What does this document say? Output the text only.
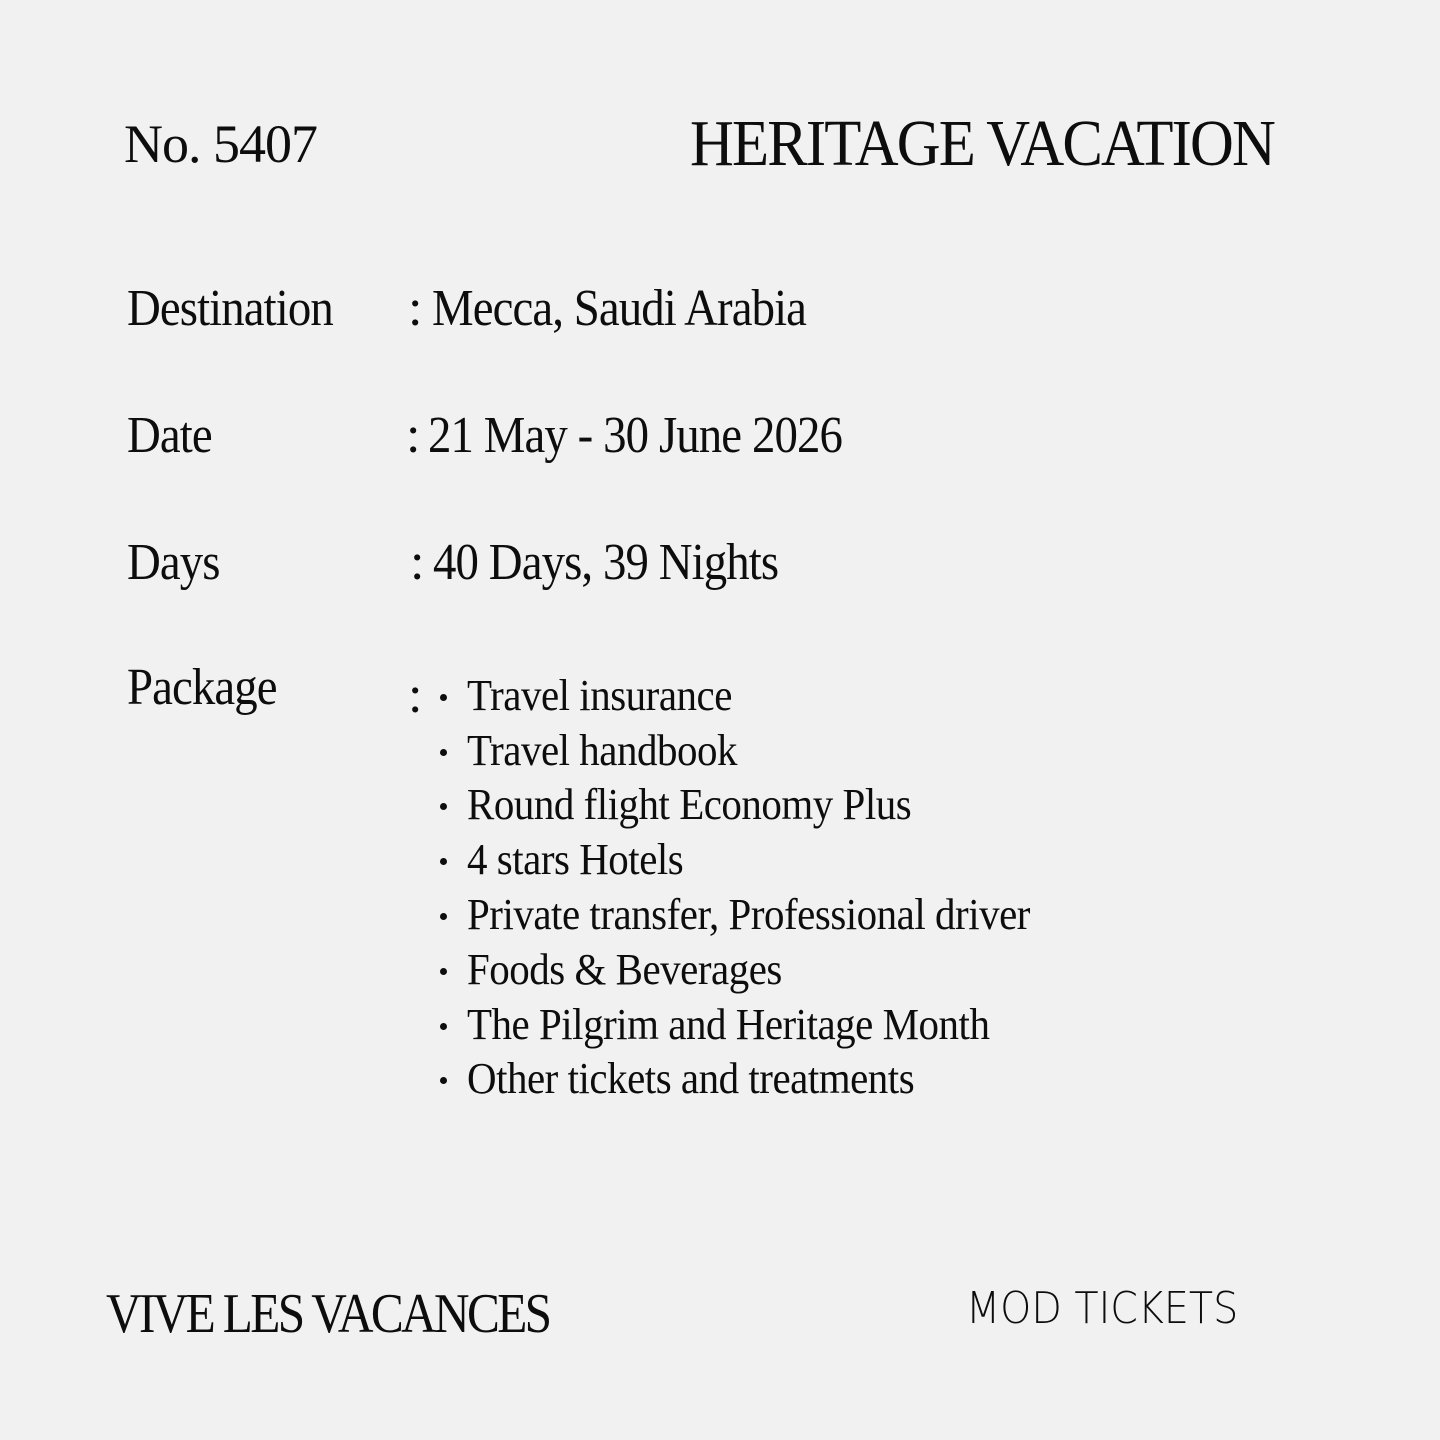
No. 5407	HERITAGE VACATION
Destination : Mecca, Saudi Arabia
Date	: 21 May - 30 June 2026
Days	: 40 Days, 39 Nights
Package	: Travel insurance
Travel handbook
Round flight Economy Plus
4 stars Hotels
Private transfer, Professional driver
Foods & Beverages
The Pilgrim and Heritage Month
Other tickets and treatments
VIVE LES VACANCES	MOD TICKETS
